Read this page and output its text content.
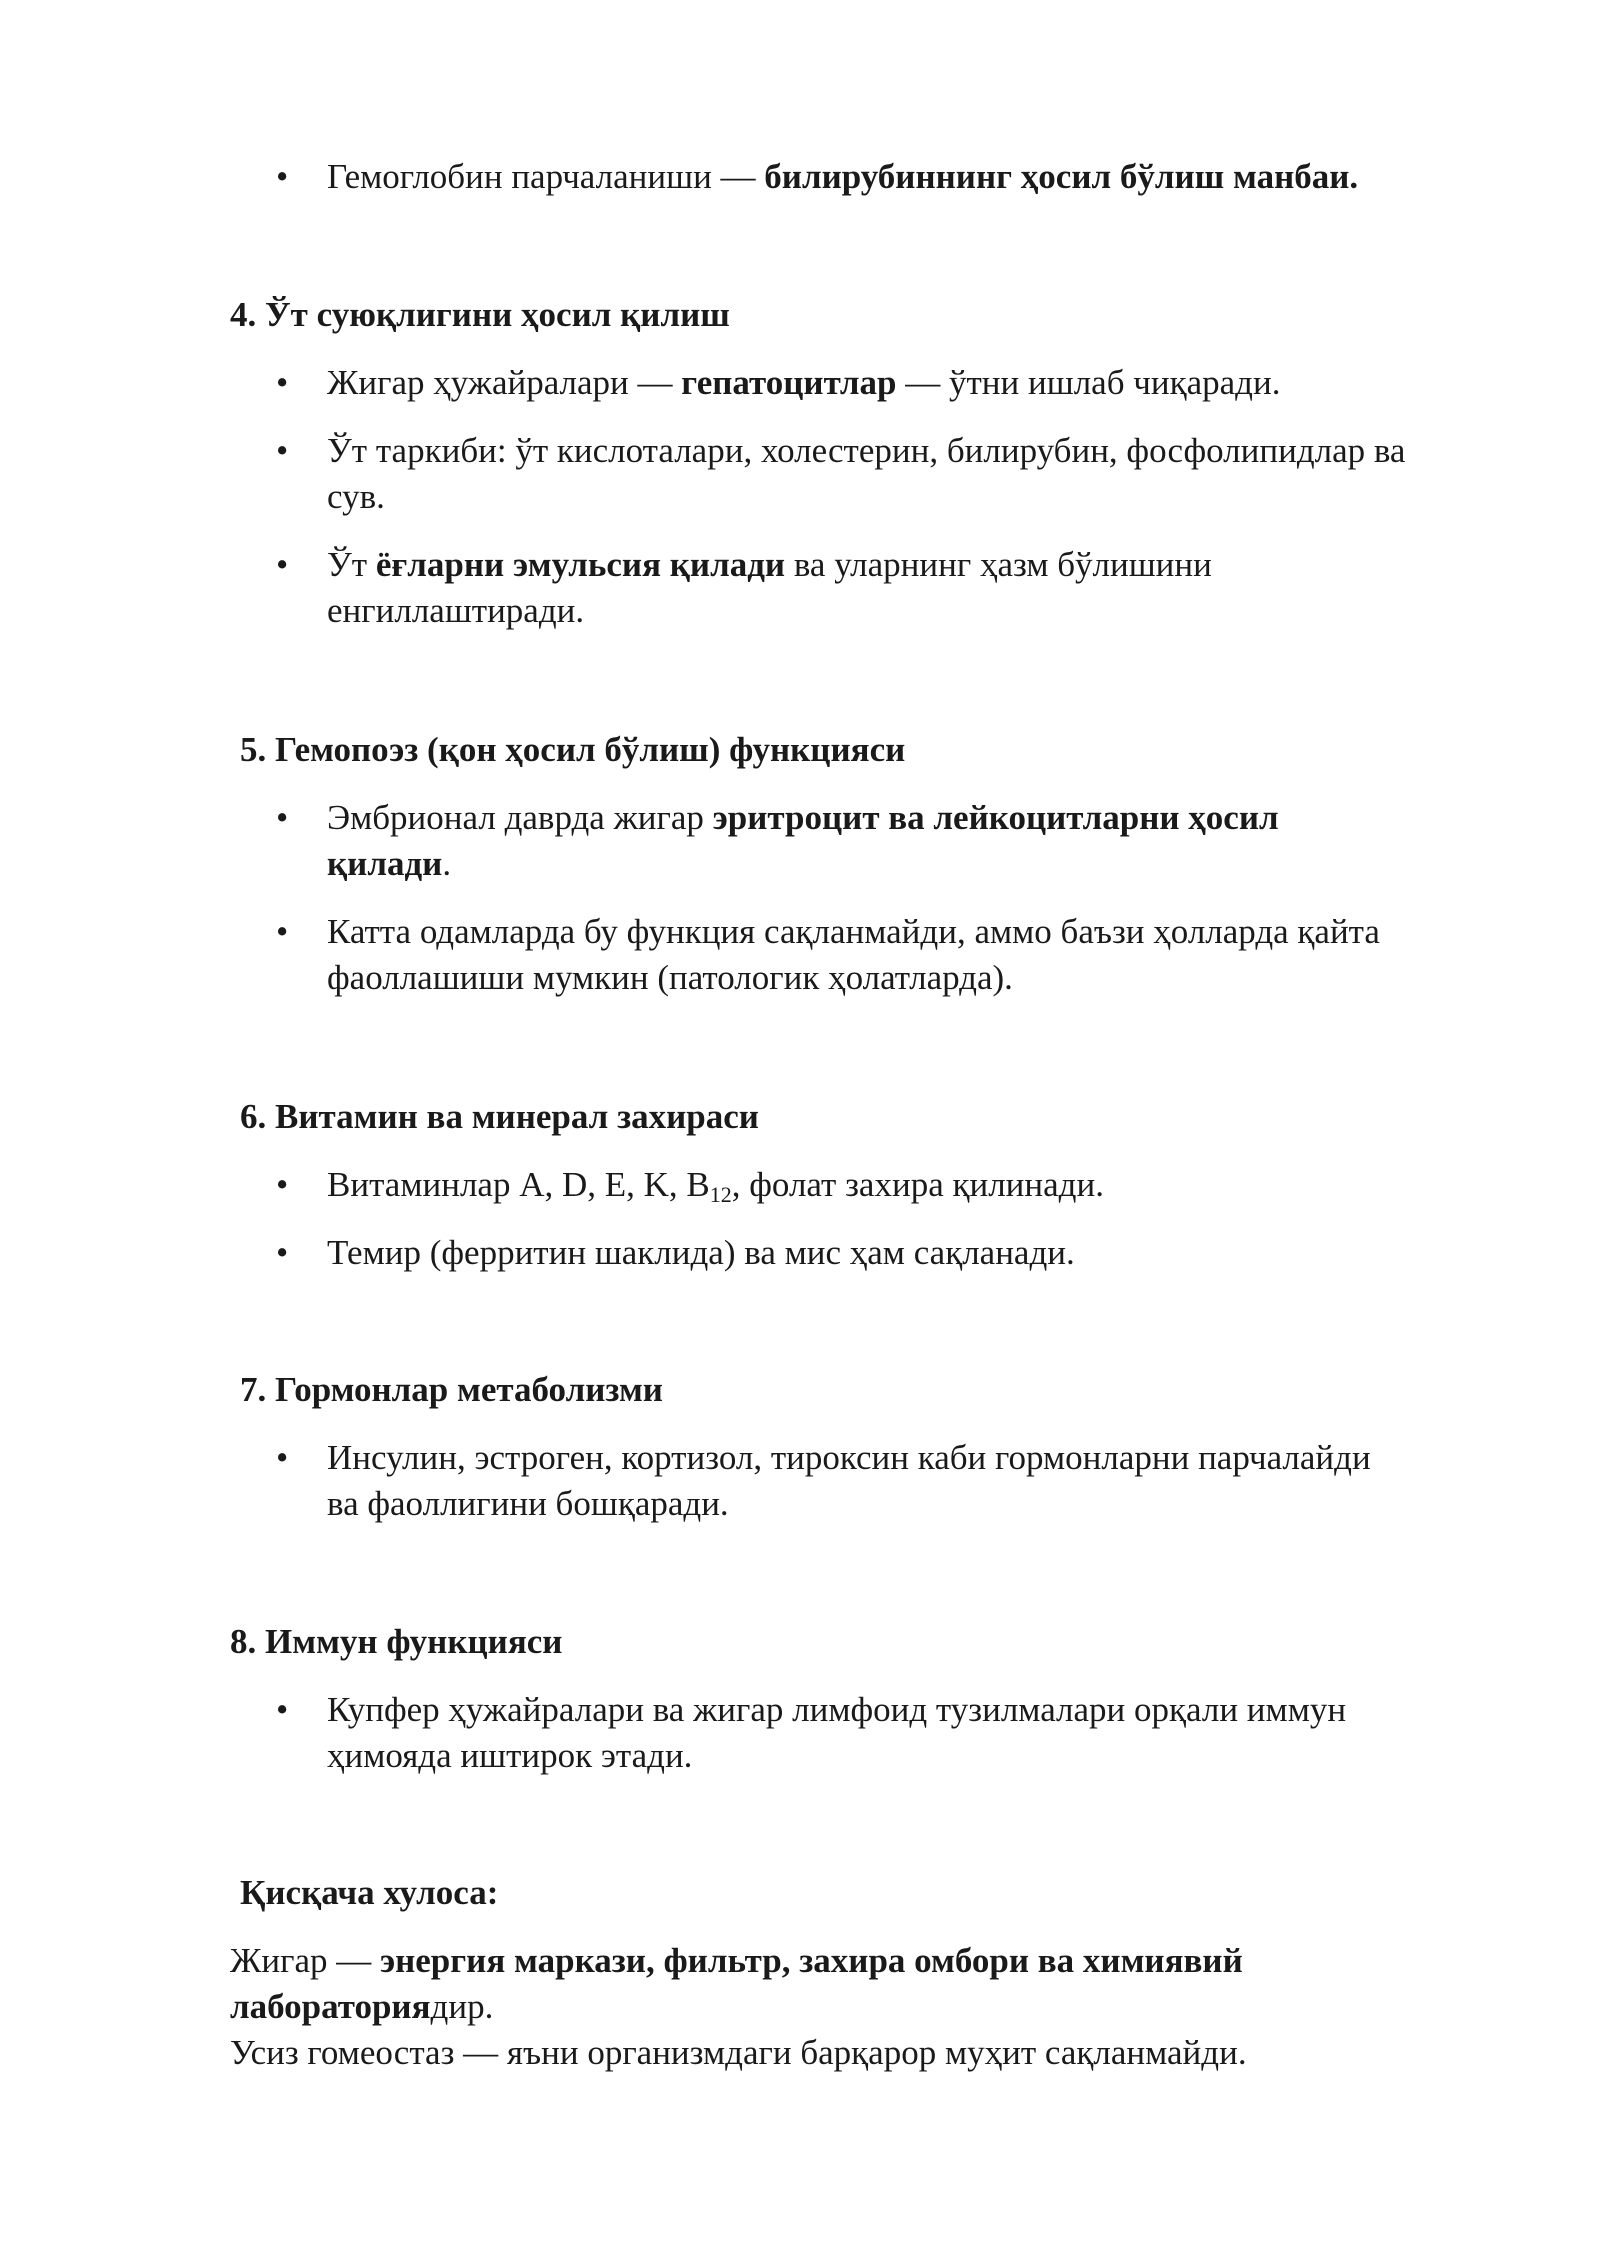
• Гемоглобин парчаланиши — билирубиннинг ҳосил бўлиш манбаи.
4. Ўт суюқлигини ҳосил қилиш
• Жигар ҳужайралари — гепатоцитлар — ўтни ишлаб чиқаради.
• Ўт таркиби: ўт кислоталари, холестерин, билирубин, фосфолипидлар ва
сув.
• Ўт ёғларни эмульсия қилади ва уларнинг ҳазм бўлишини
енгиллаштиради.
5. Гемопоэз (қон ҳосил бўлиш) функцияси
• Эмбрионал даврда жигар эритроцит ва лейкоцитларни ҳосил
қилади.
• Катта одамларда бу функция сақланмайди, аммо баъзи ҳолларда қайта
фаоллашиши мумкин (патологик ҳолатларда).
6. Витамин ва минерал захираси
• Витаминлар A, D, E, K, $B_{12}$, фолат захира қилинади.
• Темир (ферритин шаклида) ва мис ҳам сақланади.
7. Гормонлар метаболизми
• Инсулин, эстроген, кортизол, тироксин каби гормонларни парчалайди
ва фаоллигини бошқаради.
8. Иммун функцияси
• Купфер ҳужайралари ва жигар лимфоид тузилмалари орқали иммун
ҳимояда иштирок этади.
Қисқача хулоса:
Жигар — энергия маркази, фильтр, захира омбори ва химиявий
лабораториядир.
Усиз гомеостаз — яъни организмдаги барқарор муҳит сақланмайди.
